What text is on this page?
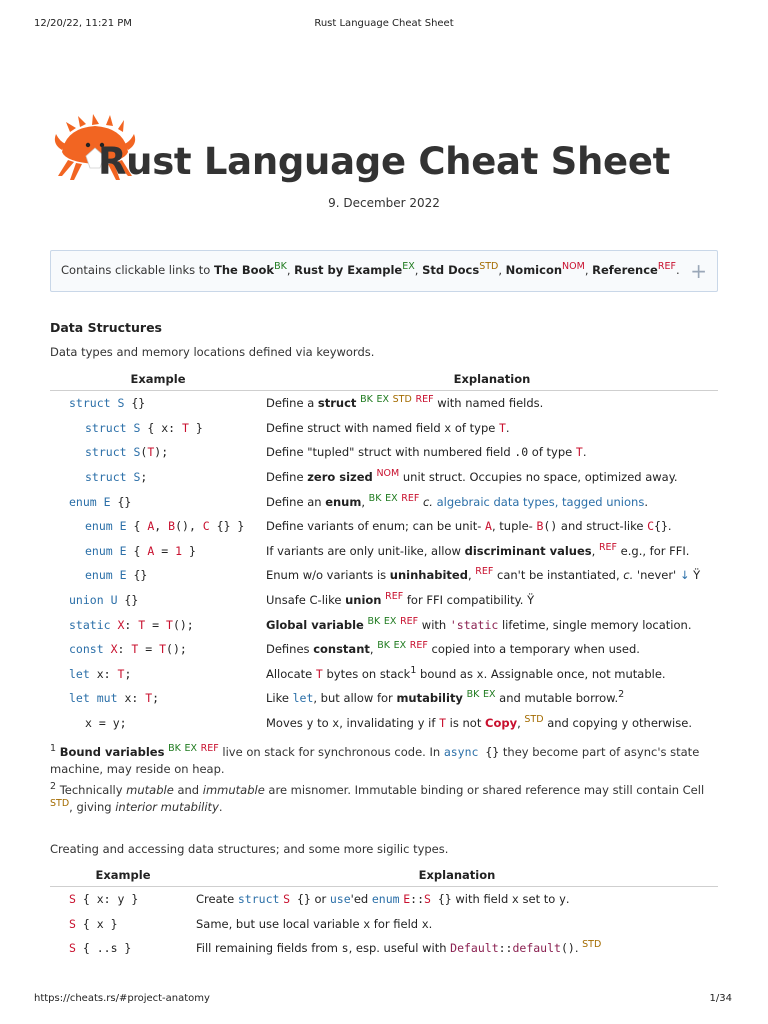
12/20/22, 11:21 PM	Rust Language Cheat Sheet
Rust Language Cheat Sheet
9. December 2022
Contains clickable links to The Book$^{BK}$, Rust by Example$^{EX}$, Std Docs$^{STD}$, Nomicon$^{NOM}$, Reference$^{REF}$. +
Data Structures
Data types and memory locations defined via keywords.
Example	Explanation
struct S {}	Define a struct $^{BK}$ $^{EX}$ $^{STD}$ $^{REF}$ with named fields.
struct S { x: T }	Define struct with named field x of type T.
struct S(T);	Define "tupled" struct with numbered field .0 of type T.
struct S;	Define zero sized $^{NOM}$ unit struct. Occupies no space, optimized away.
enum E {}	Define an enum, $^{BK}$ $^{EX}$ $^{REF}$ c. algebraic data types, tagged unions.
enum E { A, B(), C {} }	Define variants of enum; can be unit- A, tuple- B() and struct-like C{}.
enum E { A = 1 }	If variants are only unit-like, allow discriminant values, $^{REF}$ e.g., for FFI.
enum E {}	Enum w/o variants is uninhabited, $^{REF}$ can't be instantiated, c. 'never' ↓ Ÿ
union U {}	Unsafe C-like union $^{REF}$ for FFI compatibility. Ÿ
static X: T = T();	Global variable $^{BK}$ $^{EX}$ $^{REF}$ with 'static lifetime, single memory location.
const X: T = T();	Defines constant, $^{BK}$ $^{EX}$ $^{REF}$ copied into a temporary when used.
let x: T;	Allocate T bytes on stack$^1$ bound as x. Assignable once, not mutable.
let mut x: T;	Like let, but allow for mutability $^{BK}$ $^{EX}$ and mutable borrow.$^2$
x = y;	Moves y to x, invalidating y if T is not Copy, $^{STD}$ and copying y otherwise.
$^1$ Bound variables $^{BK}$ $^{EX}$ $^{REF}$ live on stack for synchronous code. In async {} they become part of async's state machine, may reside on heap.
$^2$ Technically mutable and immutable are misnomer. Immutable binding or shared reference may still contain Cell $^{STD}$, giving interior mutability.
Creating and accessing data structures; and some more sigilic types.
Example	Explanation
S { x: y }	Create struct S {} or use'ed enum E::S {} with field x set to y.
S { x }	Same, but use local variable x for field x.
S { ..s }	Fill remaining fields from s, esp. useful with Default::default(). $^{STD}$
https://cheats.rs/#project-anatomy	1/34
